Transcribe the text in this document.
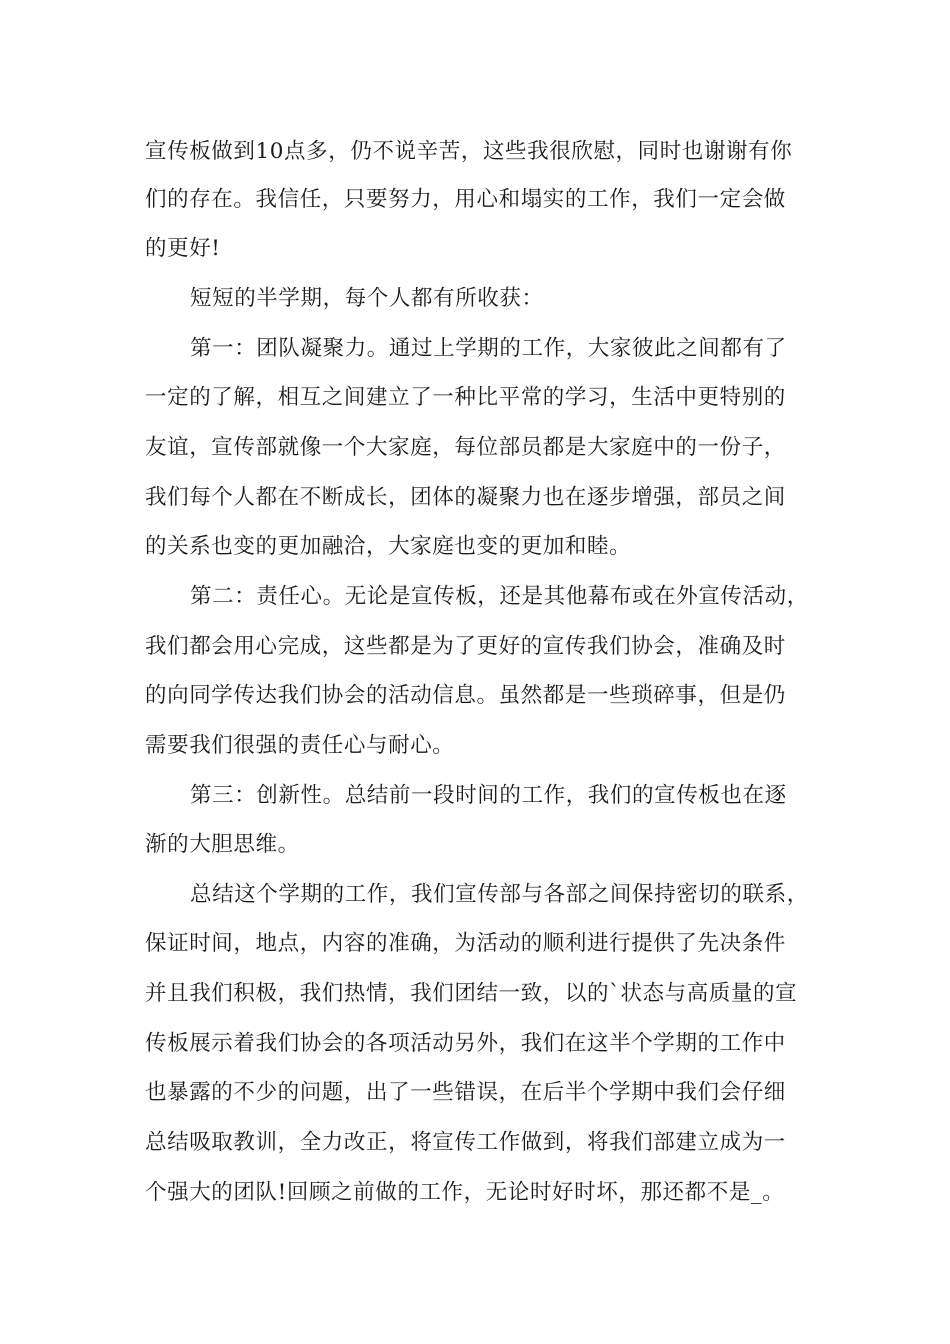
宣传板做到10点多，仍不说辛苦，这些我很欣慰，同时也谢谢有你
们的存在。我信任，只要努力，用心和塌实的工作，我们一定会做
的更好!
短短的半学期，每个人都有所收获：
第一：团队凝聚力。通过上学期的工作，大家彼此之间都有了
一定的了解，相互之间建立了一种比平常的学习，生活中更特别的
友谊，宣传部就像一个大家庭，每位部员都是大家庭中的一份子，
我们每个人都在不断成长，团体的凝聚力也在逐步增强，部员之间
的关系也变的更加融洽，大家庭也变的更加和睦。
第二：责任心。无论是宣传板，还是其他幕布或在外宣传活动，
我们都会用心完成，这些都是为了更好的宣传我们协会，准确及时
的向同学传达我们协会的活动信息。虽然都是一些琐碎事，但是仍
需要我们很强的责任心与耐心。
第三：创新性。总结前一段时间的工作，我们的宣传板也在逐
渐的大胆思维。
总结这个学期的工作，我们宣传部与各部之间保持密切的联系，
保证时间，地点，内容的准确，为活动的顺利进行提供了先决条件
并且我们积极，我们热情，我们团结一致，以的`状态与高质量的宣
传板展示着我们协会的各项活动另外，我们在这半个学期的工作中
也暴露的不少的问题，出了一些错误，在后半个学期中我们会仔细
总结吸取教训，全力改正，将宣传工作做到，将我们部建立成为一
个强大的团队!回顾之前做的工作，无论时好时坏，那还都不是_。
